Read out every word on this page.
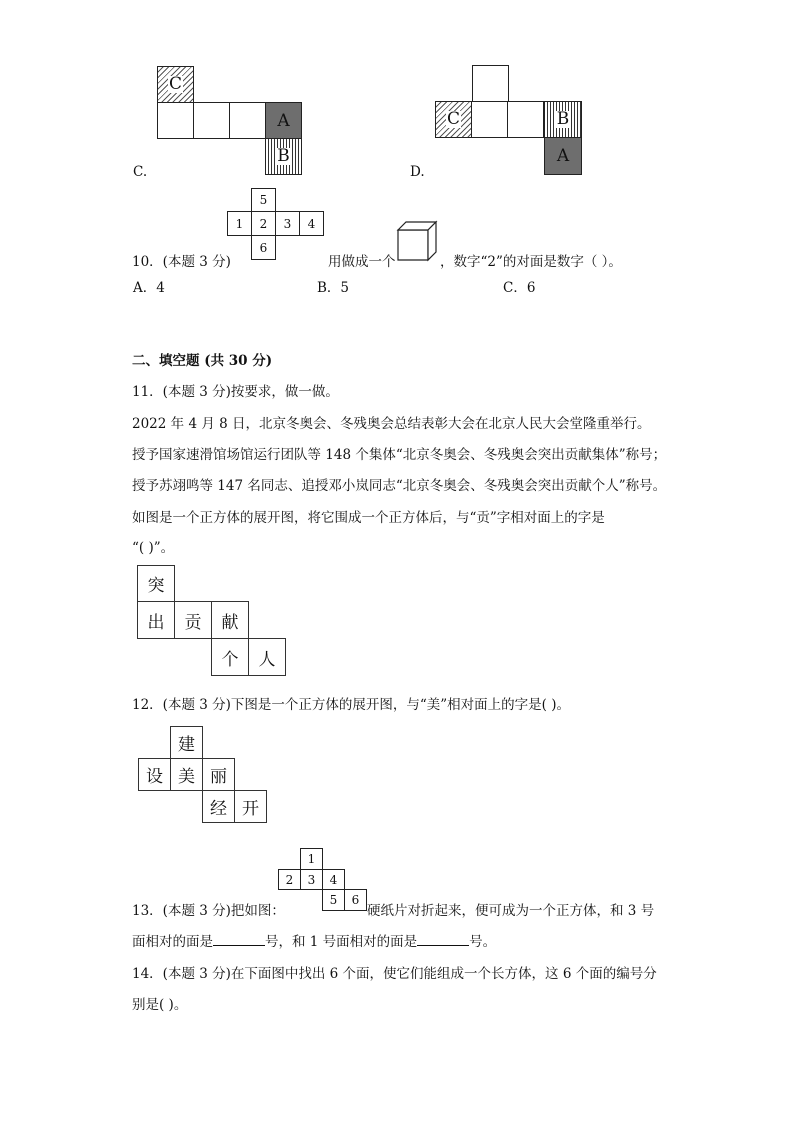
C
A
B
C.
C	B
A
D.
5
1	2	3	4
6
10．(本题 3 分)	用做成一个	，数字“2”的对面是数字（ ）。
A．4	B．5	C．6
二、填空题 (共 30 分)
11．(本题 3 分)按要求，做一做。
2022 年 4 月 8 日，北京冬奥会、冬残奥会总结表彰大会在北京人民大会堂隆重举行。
授予国家速滑馆场馆运行团队等 148 个集体“北京冬奥会、冬残奥会突出贡献集体”称号；
授予苏翊鸣等 147 名同志、追授邓小岚同志“北京冬奥会、冬残奥会突出贡献个人”称号。
如图是一个正方体的展开图，将它围成一个正方体后，与“贡”字相对面上的字是
“( )”。
突
出	贡	献
个	人
12．(本题 3 分)下图是一个正方体的展开图，与“美”相对面上的字是( )。
建
设 美 丽
经 开
1
2	3	4
5	6
13．(本题 3 分)把如图：	硬纸片对折起来，便可成为一个正方体，和 3 号
面相对的面是	号，和 1 号面相对的面是	号。
14．(本题 3 分)在下面图中找出 6 个面，使它们能组成一个长方体，这 6 个面的编号分
别是( )。
